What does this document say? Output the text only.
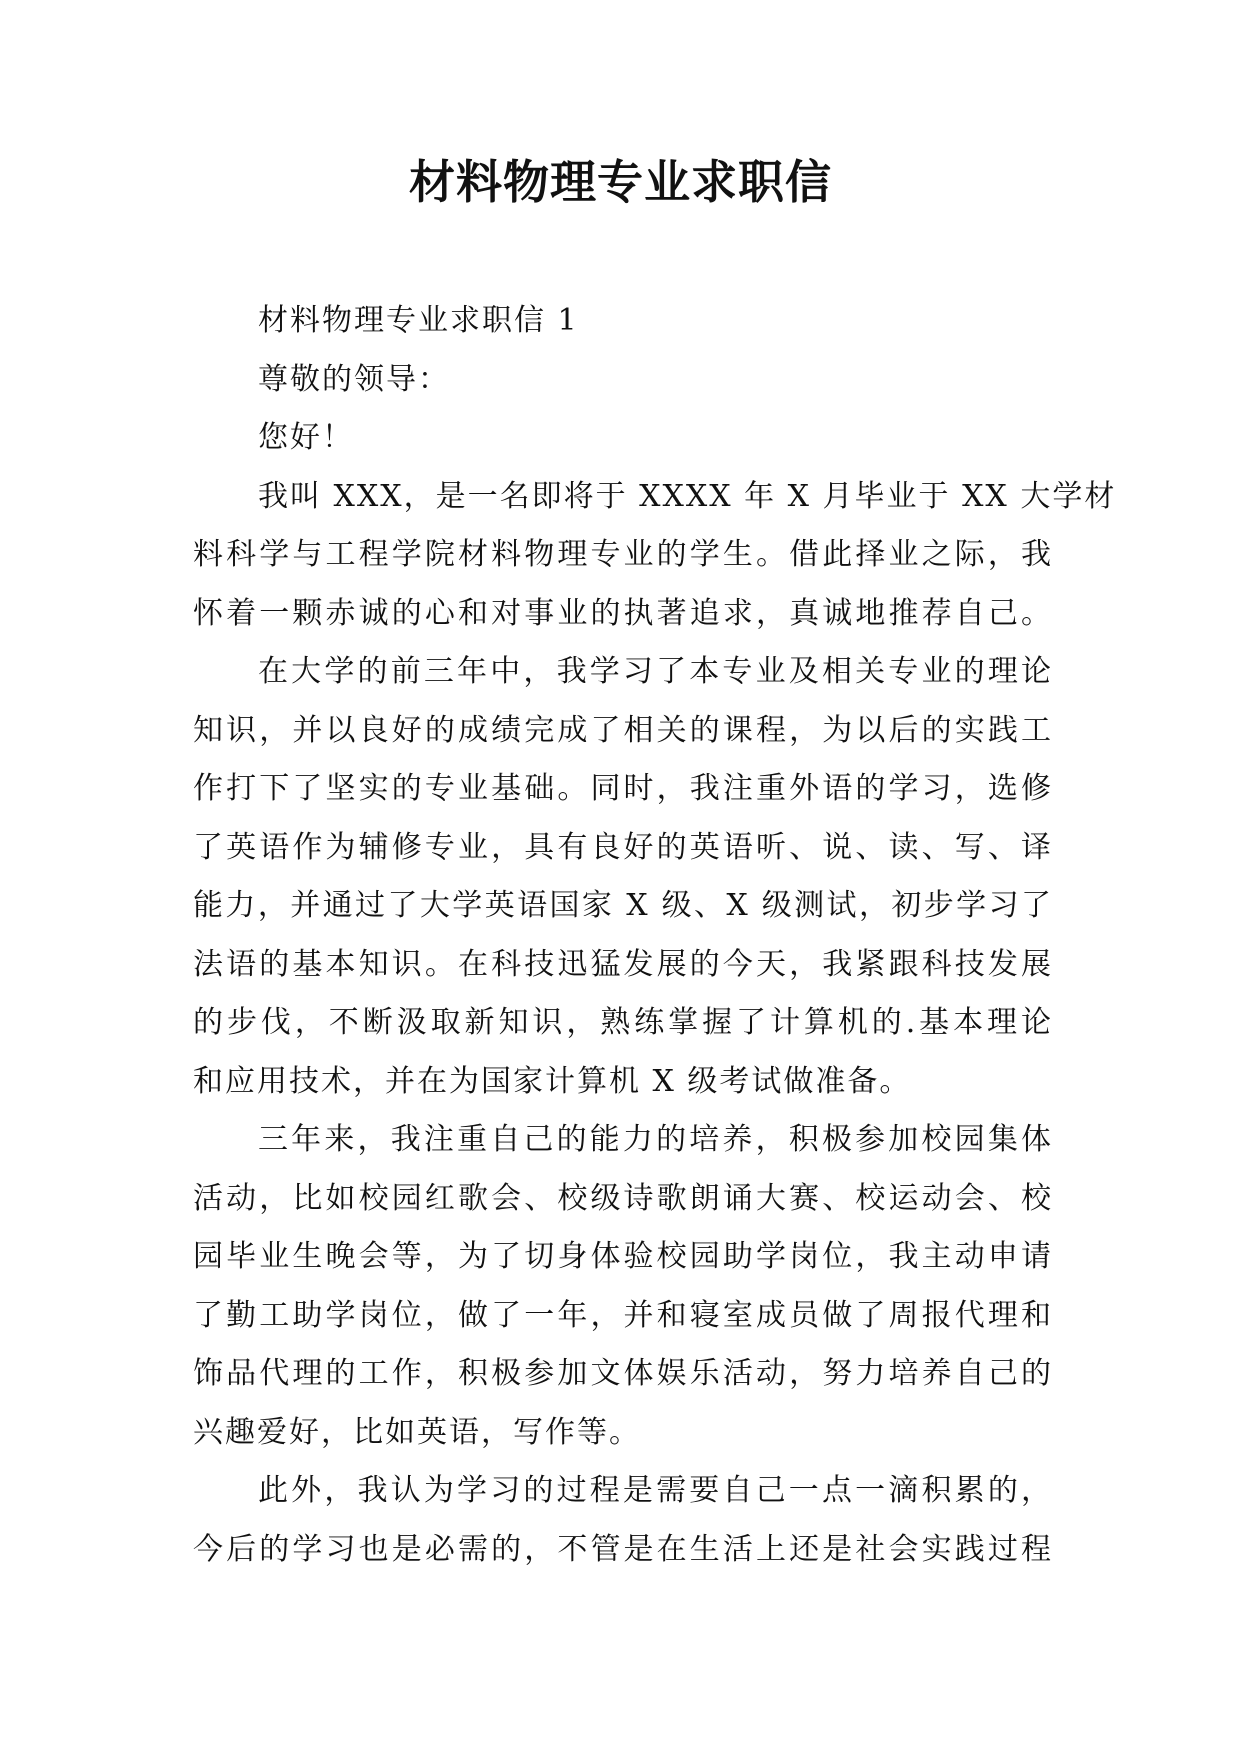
材料物理专业求职信
材料物理专业求职信 1
尊敬的领导：
您好！
我叫 XXX，是一名即将于 XXXX 年 X 月毕业于 XX 大学材
料科学与工程学院材料物理专业的学生。借此择业之际，我
怀着一颗赤诚的心和对事业的执著追求，真诚地推荐自己。
在大学的前三年中，我学习了本专业及相关专业的理论
知识，并以良好的成绩完成了相关的课程，为以后的实践工
作打下了坚实的专业基础。同时，我注重外语的学习，选修
了英语作为辅修专业，具有良好的英语听、说、读、写、译
能力，并通过了大学英语国家 X 级、X 级测试，初步学习了
法语的基本知识。在科技迅猛发展的今天，我紧跟科技发展
的步伐，不断汲取新知识，熟练掌握了计算机的.基本理论
和应用技术，并在为国家计算机 X 级考试做准备。
三年来，我注重自己的能力的培养，积极参加校园集体
活动，比如校园红歌会、校级诗歌朗诵大赛、校运动会、校
园毕业生晚会等，为了切身体验校园助学岗位，我主动申请
了勤工助学岗位，做了一年，并和寝室成员做了周报代理和
饰品代理的工作，积极参加文体娱乐活动，努力培养自己的
兴趣爱好，比如英语，写作等。
此外，我认为学习的过程是需要自己一点一滴积累的，
今后的学习也是必需的，不管是在生活上还是社会实践过程
